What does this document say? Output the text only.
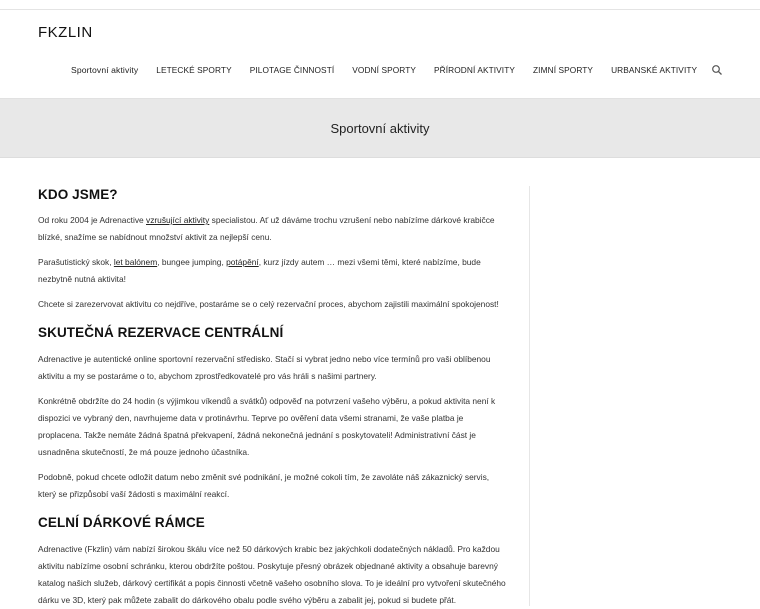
FKZLIN
Sportovní aktivity	LETECKÉ SPORTY	PILOTAGE ČINNOSTÍ	VODNÍ SPORTY	PŘÍRODNÍ AKTIVITY	ZIMNÍ SPORTY	URBANSKÉ AKTIVITY
Sportovní aktivity
KDO JSME?

Od roku 2004 je Adrenactive vzrušující aktivity specialistou. Ať už dáváme trochu vzrušení nebo nabízíme dárkové krabičce blízké, snažíme se nabídnout množství aktivit za nejlepší cenu.

Parašutistický skok, let balónem, bungee jumping, potápění, kurz jízdy autem … mezi všemi těmi, které nabízíme, bude nezbytně nutná aktivita!

Chcete si zarezervovat aktivitu co nejdříve, postaráme se o celý rezervační proces, abychom zajistili maximální spokojenost!

SKUTEČNÁ REZERVACE CENTRÁLNÍ

Adrenactive je autentické online sportovní rezervační středisko. Stačí si vybrat jedno nebo více termínů pro vaši oblíbenou aktivitu a my se postaráme o to, abychom zprostředkovatelé pro vás hráli s našimi partnery.

Konkrétně obdržíte do 24 hodin (s výjimkou víkendů a svátků) odpověď na potvrzení vašeho výběru, a pokud aktivita není k dispozici ve vybraný den, navrhujeme data v protinávrhu. Teprve po ověření data všemi stranami, že vaše platba je proplacena. Takže nemáte žádná špatná překvapení, žádná nekonečná jednání s poskytovateli! Administrativní část je usnadněna skutečností, že má pouze jednoho účastníka.

Podobně, pokud chcete odložit datum nebo změnit své podnikání, je možné cokoli tím, že zavoláte náš zákaznický servis, který se přizpůsobí vaší žádosti s maximální reakcí.

CELNÍ DÁRKOVÉ RÁMCE

Adrenactive (Fkzlin) vám nabízí širokou škálu více než 50 dárkových krabic bez jakýchkoli dodatečných nákladů. Pro každou aktivitu nabízíme osobní schránku, kterou obdržíte poštou. Poskytuje přesný obrázek objednané aktivity a obsahuje barevný katalog našich služeb, dárkový certifikát a popis činnosti včetně vašeho osobního slova. To je ideální pro vytvoření skutečného dárku ve 3D, který pak můžete zabalit do dárkového obalu podle svého výběru a zabalit jej, pokud si budete přát.
